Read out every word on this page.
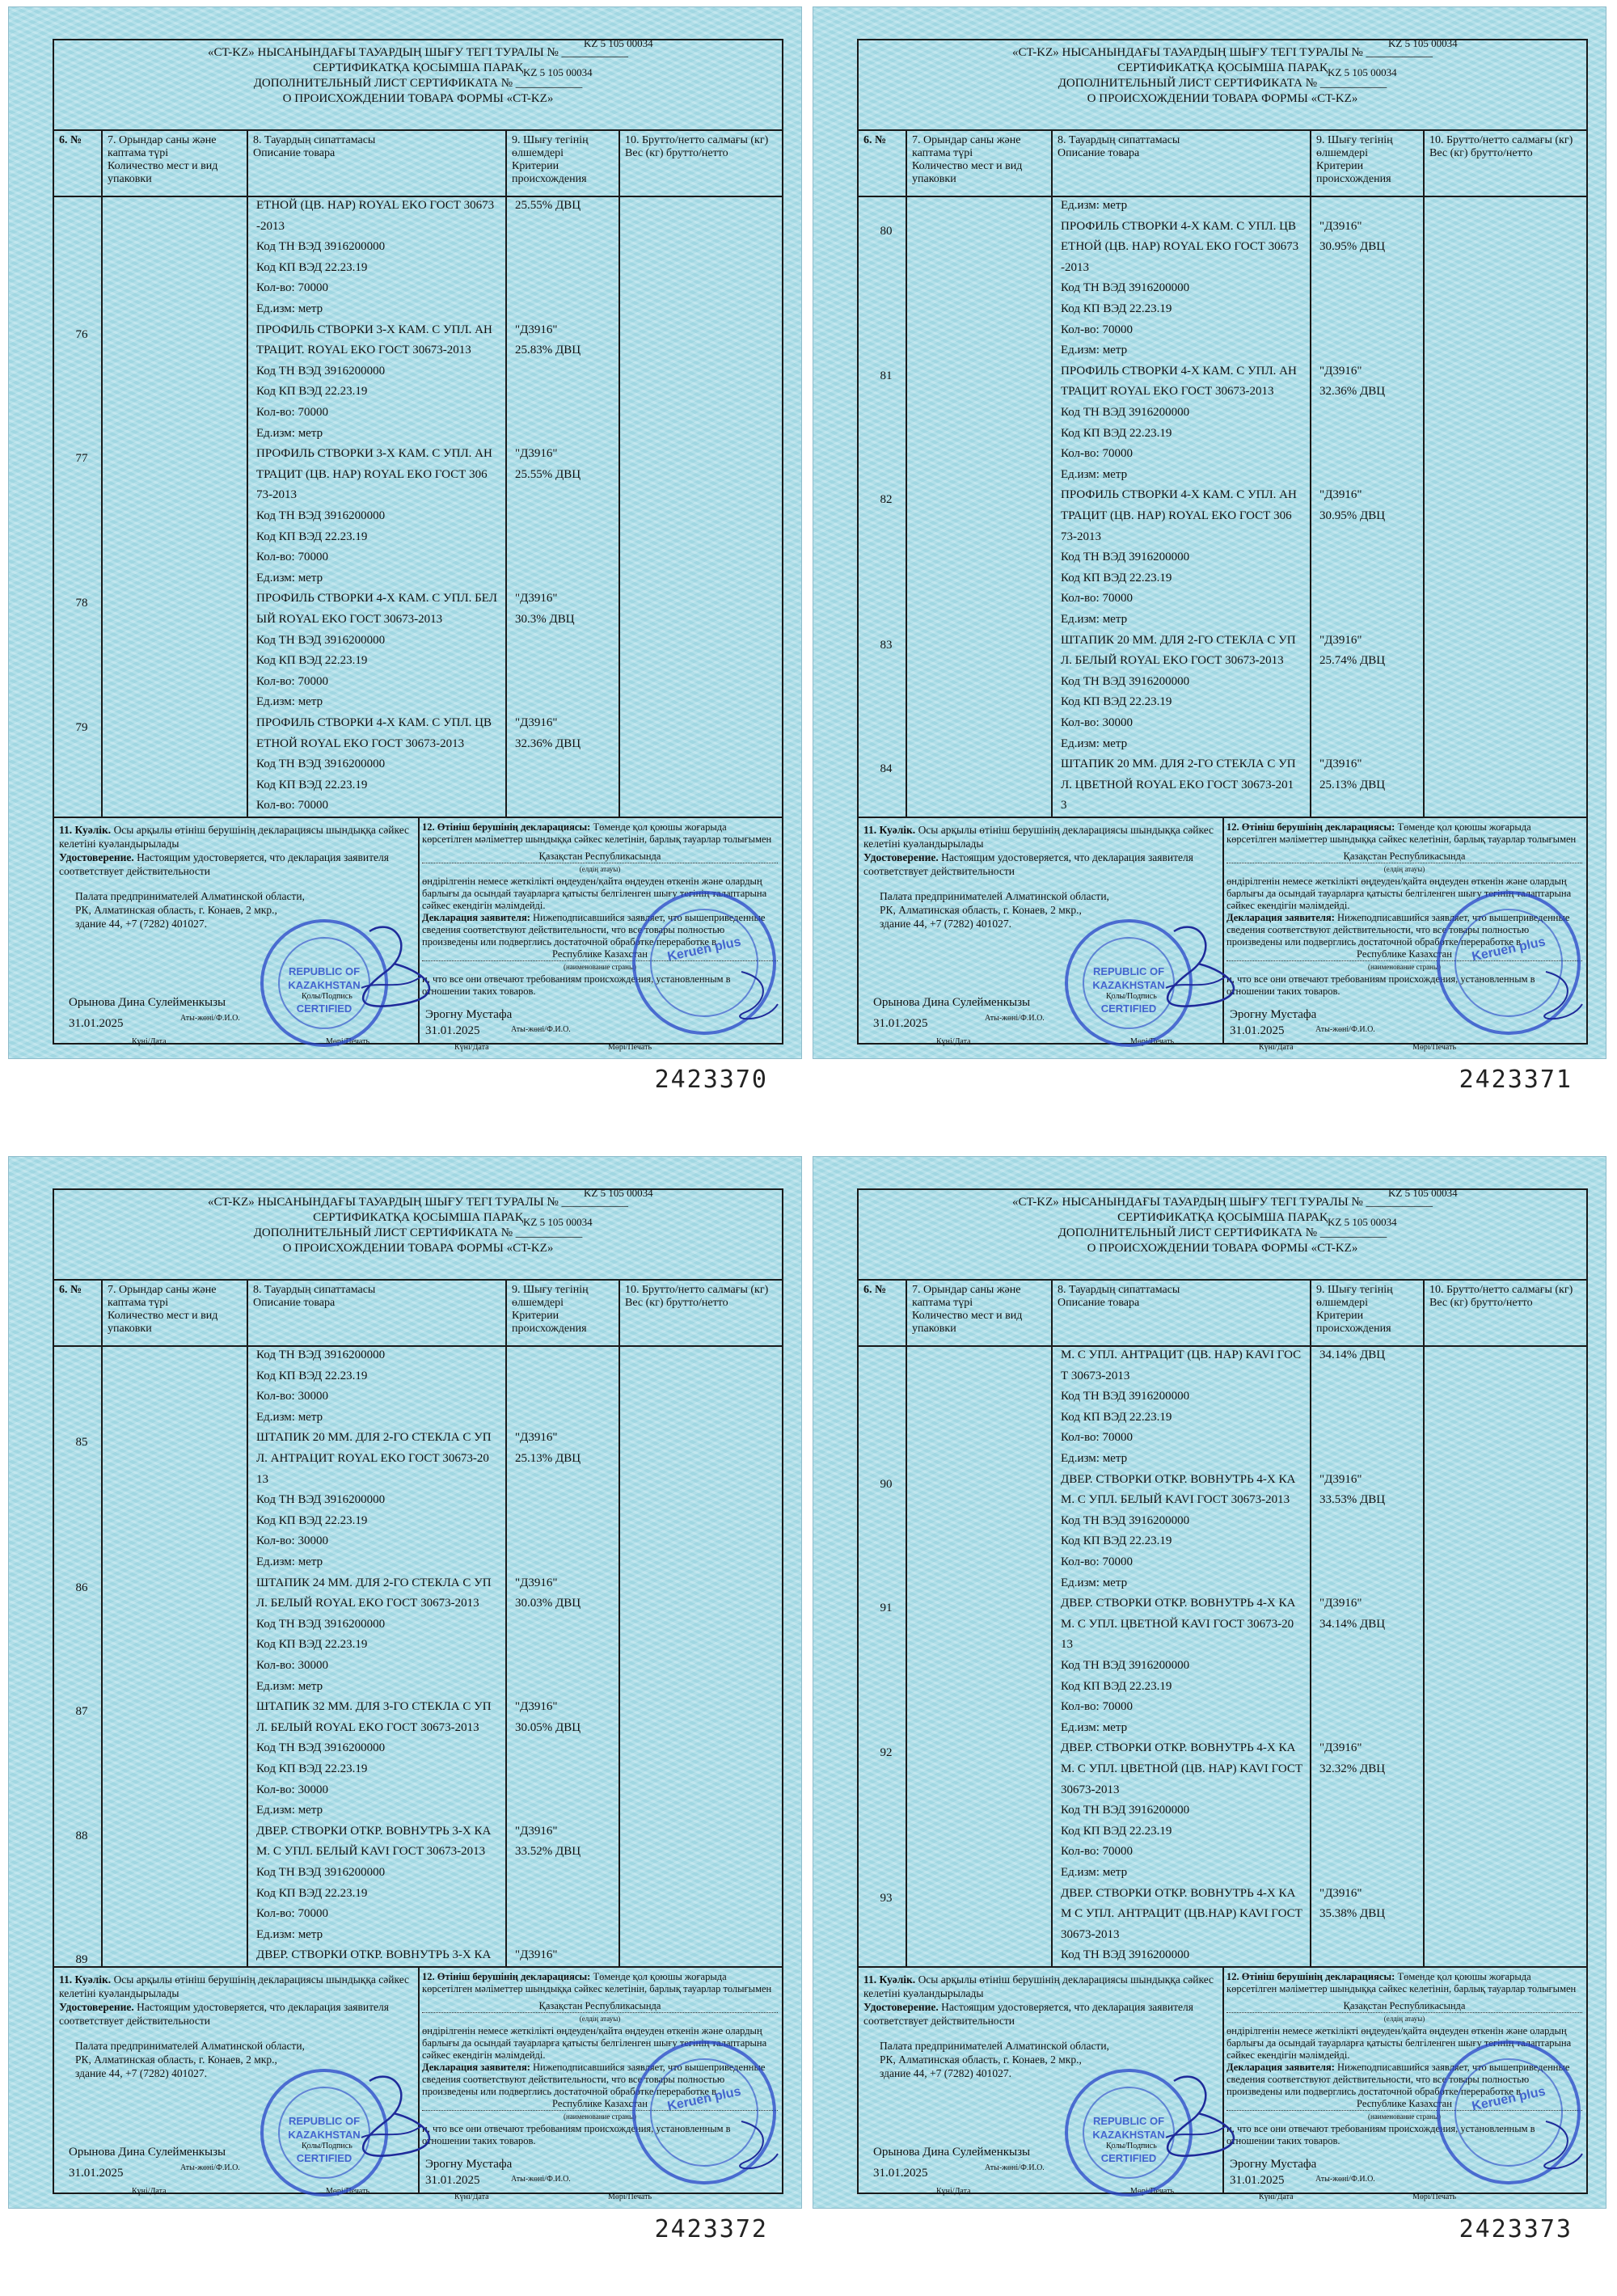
«CT-KZ» НЫСАНЫНДАҒЫ ТАУАРДЫҢ ШЫҒУ ТЕГІ ТУРАЛЫ № ___________
СЕРТИФИКАТҚА ҚОСЫМША ПАРАҚ
ДОПОЛНИТЕЛЬНЫЙ ЛИСТ СЕРТИФИКАТА № ___________
О ПРОИСХОЖДЕНИИ ТОВАРА ФОРМЫ «CT-KZ»
KZ 5 105 00034
KZ 5 105 00034
6. №	7. Орындар саны және каптама түрі
Количество мест и вид упаковки
8. Тауардың сипаттамасы
Описание товара
9. Шығу тегінің өлшемдері
Критерии происхождения
10. Брутто/нетто салмағы (кг)
Вес (кг) брутто/нетто
ЕТНОЙ (ЦВ. НАР) ROYAL EKO ГОСТ 30673	25.55% ДВЦ
-2013
Код ТН ВЭД 3916200000
Код КП ВЭД 22.23.19
Кол-во: 70000
Ед.изм: метр
76	ПРОФИЛЬ СТВОРКИ 3-Х КАМ. С УПЛ. АН	"Д3916"
ТРАЦИТ. ROYAL EKO ГОСТ 30673-2013	25.83% ДВЦ
Код ТН ВЭД 3916200000
Код КП ВЭД 22.23.19
Кол-во: 70000
Ед.изм: метр
77	ПРОФИЛЬ СТВОРКИ 3-Х КАМ. С УПЛ. АН	"Д3916"
ТРАЦИТ (ЦВ. НАР) ROYAL EKO ГОСТ 306	25.55% ДВЦ
73-2013
Код ТН ВЭД 3916200000
Код КП ВЭД 22.23.19
Кол-во: 70000
Ед.изм: метр
78	ПРОФИЛЬ СТВОРКИ 4-Х КАМ. С УПЛ. БЕЛ	"Д3916"
ЫЙ ROYAL EKO ГОСТ 30673-2013	30.3% ДВЦ
Код ТН ВЭД 3916200000
Код КП ВЭД 22.23.19
Кол-во: 70000
Ед.изм: метр
79	ПРОФИЛЬ СТВОРКИ 4-Х КАМ. С УПЛ. ЦВ	"Д3916"
ЕТНОЙ ROYAL EKO ГОСТ 30673-2013	32.36% ДВЦ
Код ТН ВЭД 3916200000
Код КП ВЭД 22.23.19
Кол-во: 70000
11. Куәлік. Осы арқылы өтініш берушінің декларациясы шындыққа сәйкес келетіні куәландырылады
Удостоверение. Настоящим удостоверяется, что декларация заявителя соответствует действительности
Палата предпринимателей Алматинской области,
РК, Алматинская область, г. Конаев, 2 мкр.,
здание 44, +7 (7282) 401027.
Орынова Дина Сулейменкызы
Аты-жөні/Ф.И.О.
31.01.2025
Күні/Дата	Мөрі/Печать
Қолы/Подпись
12. Өтініш берушінің декларациясы: Төменде қол қоюшы жоғарыда көрсетілген мәліметтер шындыққа сәйкес келетінін, барлық тауарлар толығымен
Қазақстан Республикасында
(елдің атауы)
өндірілгенін немесе жеткілікті өңдеуден/қайта өңдеуден өткенін және олардың барлығы да осындай тауарларға қатысты белгіленген шығу тегінің талаптарына сәйкес екендігін мәлімдейді.
Декларация заявителя: Нижеподписавшийся заявляет, что вышеприведенные сведения соответствуют действительности, что все товары полностью произведены или подверглись достаточной обработке/переработке в
Республике Казахстан
(наименование страны)
и, что все они отвечают требованиям происхождения, установленным в отношении таких товаров.
Эрогну Мустафа
Аты-жөні/Ф.И.О.
31.01.2025
Күні/Дата	Мөрі/Печать
REPUBLIC OF KAZAKHSTAN
CERTIFIED
Keruen plus
2423370
«CT-KZ» НЫСАНЫНДАҒЫ ТАУАРДЫҢ ШЫҒУ ТЕГІ ТУРАЛЫ № ___________
СЕРТИФИКАТҚА ҚОСЫМША ПАРАҚ
ДОПОЛНИТЕЛЬНЫЙ ЛИСТ СЕРТИФИКАТА № ___________
О ПРОИСХОЖДЕНИИ ТОВАРА ФОРМЫ «CT-KZ»
KZ 5 105 00034
KZ 5 105 00034
6. №	7. Орындар саны және каптама түрі
Количество мест и вид упаковки
8. Тауардың сипаттамасы
Описание товара
9. Шығу тегінің өлшемдері
Критерии происхождения
10. Брутто/нетто салмағы (кг)
Вес (кг) брутто/нетто
Ед.изм: метр
80	ПРОФИЛЬ СТВОРКИ 4-Х КАМ. С УПЛ. ЦВ	"Д3916"
ЕТНОЙ (ЦВ. НАР) ROYAL EKO ГОСТ 30673	30.95% ДВЦ
-2013
Код ТН ВЭД 3916200000
Код КП ВЭД 22.23.19
Кол-во: 70000
Ед.изм: метр
81	ПРОФИЛЬ СТВОРКИ 4-Х КАМ. С УПЛ. АН	"Д3916"
ТРАЦИТ ROYAL EKO ГОСТ 30673-2013	32.36% ДВЦ
Код ТН ВЭД 3916200000
Код КП ВЭД 22.23.19
Кол-во: 70000
Ед.изм: метр
82	ПРОФИЛЬ СТВОРКИ 4-Х КАМ. С УПЛ. АН	"Д3916"
ТРАЦИТ (ЦВ. НАР) ROYAL EKO ГОСТ 306	30.95% ДВЦ
73-2013
Код ТН ВЭД 3916200000
Код КП ВЭД 22.23.19
Кол-во: 70000
Ед.изм: метр
83	ШТАПИК 20 ММ. ДЛЯ 2-ГО СТЕКЛА С УП	"Д3916"
Л. БЕЛЫЙ ROYAL EKO ГОСТ 30673-2013	25.74% ДВЦ
Код ТН ВЭД 3916200000
Код КП ВЭД 22.23.19
Кол-во: 30000
Ед.изм: метр
84	ШТАПИК 20 ММ. ДЛЯ 2-ГО СТЕКЛА С УП	"Д3916"
Л. ЦВЕТНОЙ ROYAL EKO ГОСТ 30673-201	25.13% ДВЦ
3
11. Куәлік. Осы арқылы өтініш берушінің декларациясы шындыққа сәйкес келетіні куәландырылады
Удостоверение. Настоящим удостоверяется, что декларация заявителя соответствует действительности
Палата предпринимателей Алматинской области,
РК, Алматинская область, г. Конаев, 2 мкр.,
здание 44, +7 (7282) 401027.
Орынова Дина Сулейменкызы
Аты-жөні/Ф.И.О.
31.01.2025
Күні/Дата	Мөрі/Печать
Қолы/Подпись
12. Өтініш берушінің декларациясы: Төменде қол қоюшы жоғарыда көрсетілген мәліметтер шындыққа сәйкес келетінін, барлық тауарлар толығымен
Қазақстан Республикасында
(елдің атауы)
өндірілгенін немесе жеткілікті өңдеуден/қайта өңдеуден өткенін және олардың барлығы да осындай тауарларға қатысты белгіленген шығу тегінің талаптарына сәйкес екендігін мәлімдейді.
Декларация заявителя: Нижеподписавшийся заявляет, что вышеприведенные сведения соответствуют действительности, что все товары полностью произведены или подверглись достаточной обработке/переработке в
Республике Казахстан
(наименование страны)
и, что все они отвечают требованиям происхождения, установленным в отношении таких товаров.
Эрогну Мустафа
Аты-жөні/Ф.И.О.
31.01.2025
Күні/Дата	Мөрі/Печать
REPUBLIC OF KAZAKHSTAN
CERTIFIED
Keruen plus
2423371
«CT-KZ» НЫСАНЫНДАҒЫ ТАУАРДЫҢ ШЫҒУ ТЕГІ ТУРАЛЫ № ___________
СЕРТИФИКАТҚА ҚОСЫМША ПАРАҚ
ДОПОЛНИТЕЛЬНЫЙ ЛИСТ СЕРТИФИКАТА № ___________
О ПРОИСХОЖДЕНИИ ТОВАРА ФОРМЫ «CT-KZ»
KZ 5 105 00034
KZ 5 105 00034
6. №	7. Орындар саны және каптама түрі
Количество мест и вид упаковки
8. Тауардың сипаттамасы
Описание товара
9. Шығу тегінің өлшемдері
Критерии происхождения
10. Брутто/нетто салмағы (кг)
Вес (кг) брутто/нетто
Код ТН ВЭД 3916200000
Код КП ВЭД 22.23.19
Кол-во: 30000
Ед.изм: метр
85	ШТАПИК 20 ММ. ДЛЯ 2-ГО СТЕКЛА С УП	"Д3916"
Л. АНТРАЦИТ ROYAL EKO ГОСТ 30673-20	25.13% ДВЦ
13
Код ТН ВЭД 3916200000
Код КП ВЭД 22.23.19
Кол-во: 30000
Ед.изм: метр
86	ШТАПИК 24 ММ. ДЛЯ 2-ГО СТЕКЛА С УП	"Д3916"
Л. БЕЛЫЙ ROYAL EKO ГОСТ 30673-2013	30.03% ДВЦ
Код ТН ВЭД 3916200000
Код КП ВЭД 22.23.19
Кол-во: 30000
Ед.изм: метр
87	ШТАПИК 32 ММ. ДЛЯ 3-ГО СТЕКЛА С УП	"Д3916"
Л. БЕЛЫЙ ROYAL EKO ГОСТ 30673-2013	30.05% ДВЦ
Код ТН ВЭД 3916200000
Код КП ВЭД 22.23.19
Кол-во: 30000
Ед.изм: метр
88	ДВЕР. СТВОРКИ ОТКР. ВОВНУТРЬ 3-Х КА	"Д3916"
М. С УПЛ. БЕЛЫЙ KAVI ГОСТ 30673-2013	33.52% ДВЦ
Код ТН ВЭД 3916200000
Код КП ВЭД 22.23.19
Кол-во: 70000
Ед.изм: метр
89	ДВЕР. СТВОРКИ ОТКР. ВОВНУТРЬ 3-Х КА	"Д3916"
11. Куәлік. Осы арқылы өтініш берушінің декларациясы шындыққа сәйкес келетіні куәландырылады
Удостоверение. Настоящим удостоверяется, что декларация заявителя соответствует действительности
Палата предпринимателей Алматинской области,
РК, Алматинская область, г. Конаев, 2 мкр.,
здание 44, +7 (7282) 401027.
Орынова Дина Сулейменкызы
Аты-жөні/Ф.И.О.
31.01.2025
Күні/Дата	Мөрі/Печать
Қолы/Подпись
12. Өтініш берушінің декларациясы: Төменде қол қоюшы жоғарыда көрсетілген мәліметтер шындыққа сәйкес келетінін, барлық тауарлар толығымен
Қазақстан Республикасында
(елдің атауы)
өндірілгенін немесе жеткілікті өңдеуден/қайта өңдеуден өткенін және олардың барлығы да осындай тауарларға қатысты белгіленген шығу тегінің талаптарына сәйкес екендігін мәлімдейді.
Декларация заявителя: Нижеподписавшийся заявляет, что вышеприведенные сведения соответствуют действительности, что все товары полностью произведены или подверглись достаточной обработке/переработке в
Республике Казахстан
(наименование страны)
и, что все они отвечают требованиям происхождения, установленным в отношении таких товаров.
Эрогну Мустафа
Аты-жөні/Ф.И.О.
31.01.2025
Күні/Дата	Мөрі/Печать
REPUBLIC OF KAZAKHSTAN
CERTIFIED
Keruen plus
2423372
«CT-KZ» НЫСАНЫНДАҒЫ ТАУАРДЫҢ ШЫҒУ ТЕГІ ТУРАЛЫ № ___________
СЕРТИФИКАТҚА ҚОСЫМША ПАРАҚ
ДОПОЛНИТЕЛЬНЫЙ ЛИСТ СЕРТИФИКАТА № ___________
О ПРОИСХОЖДЕНИИ ТОВАРА ФОРМЫ «CT-KZ»
KZ 5 105 00034
KZ 5 105 00034
6. №	7. Орындар саны және каптама түрі
Количество мест и вид упаковки
8. Тауардың сипаттамасы
Описание товара
9. Шығу тегінің өлшемдері
Критерии происхождения
10. Брутто/нетто салмағы (кг)
Вес (кг) брутто/нетто
М. С УПЛ. АНТРАЦИТ (ЦВ. НАР) KAVI ГОС	34.14% ДВЦ
Т 30673-2013
Код ТН ВЭД 3916200000
Код КП ВЭД 22.23.19
Кол-во: 70000
Ед.изм: метр
90	ДВЕР. СТВОРКИ ОТКР. ВОВНУТРЬ 4-Х КА	"Д3916"
М. С УПЛ. БЕЛЫЙ KAVI ГОСТ 30673-2013	33.53% ДВЦ
Код ТН ВЭД 3916200000
Код КП ВЭД 22.23.19
Кол-во: 70000
Ед.изм: метр
91	ДВЕР. СТВОРКИ ОТКР. ВОВНУТРЬ 4-Х КА	"Д3916"
М. С УПЛ. ЦВЕТНОЙ KAVI ГОСТ 30673-20	34.14% ДВЦ
13
Код ТН ВЭД 3916200000
Код КП ВЭД 22.23.19
Кол-во: 70000
Ед.изм: метр
92	ДВЕР. СТВОРКИ ОТКР. ВОВНУТРЬ 4-Х КА	"Д3916"
М. С УПЛ. ЦВЕТНОЙ (ЦВ. НАР) KAVI ГОСТ	32.32% ДВЦ
30673-2013
Код ТН ВЭД 3916200000
Код КП ВЭД 22.23.19
Кол-во: 70000
Ед.изм: метр
93	ДВЕР. СТВОРКИ ОТКР. ВОВНУТРЬ 4-Х КА	"Д3916"
М С УПЛ. АНТРАЦИТ (ЦВ.НАР) KAVI ГОСТ	35.38% ДВЦ
30673-2013
Код ТН ВЭД 3916200000
11. Куәлік. Осы арқылы өтініш берушінің декларациясы шындыққа сәйкес келетіні куәландырылады
Удостоверение. Настоящим удостоверяется, что декларация заявителя соответствует действительности
Палата предпринимателей Алматинской области,
РК, Алматинская область, г. Конаев, 2 мкр.,
здание 44, +7 (7282) 401027.
Орынова Дина Сулейменкызы
Аты-жөні/Ф.И.О.
31.01.2025
Күні/Дата	Мөрі/Печать
Қолы/Подпись
12. Өтініш берушінің декларациясы: Төменде қол қоюшы жоғарыда көрсетілген мәліметтер шындыққа сәйкес келетінін, барлық тауарлар толығымен
Қазақстан Республикасында
(елдің атауы)
өндірілгенін немесе жеткілікті өңдеуден/қайта өңдеуден өткенін және олардың барлығы да осындай тауарларға қатысты белгіленген шығу тегінің талаптарына сәйкес екендігін мәлімдейді.
Декларация заявителя: Нижеподписавшийся заявляет, что вышеприведенные сведения соответствуют действительности, что все товары полностью произведены или подверглись достаточной обработке/переработке в
Республике Казахстан
(наименование страны)
и, что все они отвечают требованиям происхождения, установленным в отношении таких товаров.
Эрогну Мустафа
Аты-жөні/Ф.И.О.
31.01.2025
Күні/Дата	Мөрі/Печать
REPUBLIC OF KAZAKHSTAN
CERTIFIED
Keruen plus
2423373
